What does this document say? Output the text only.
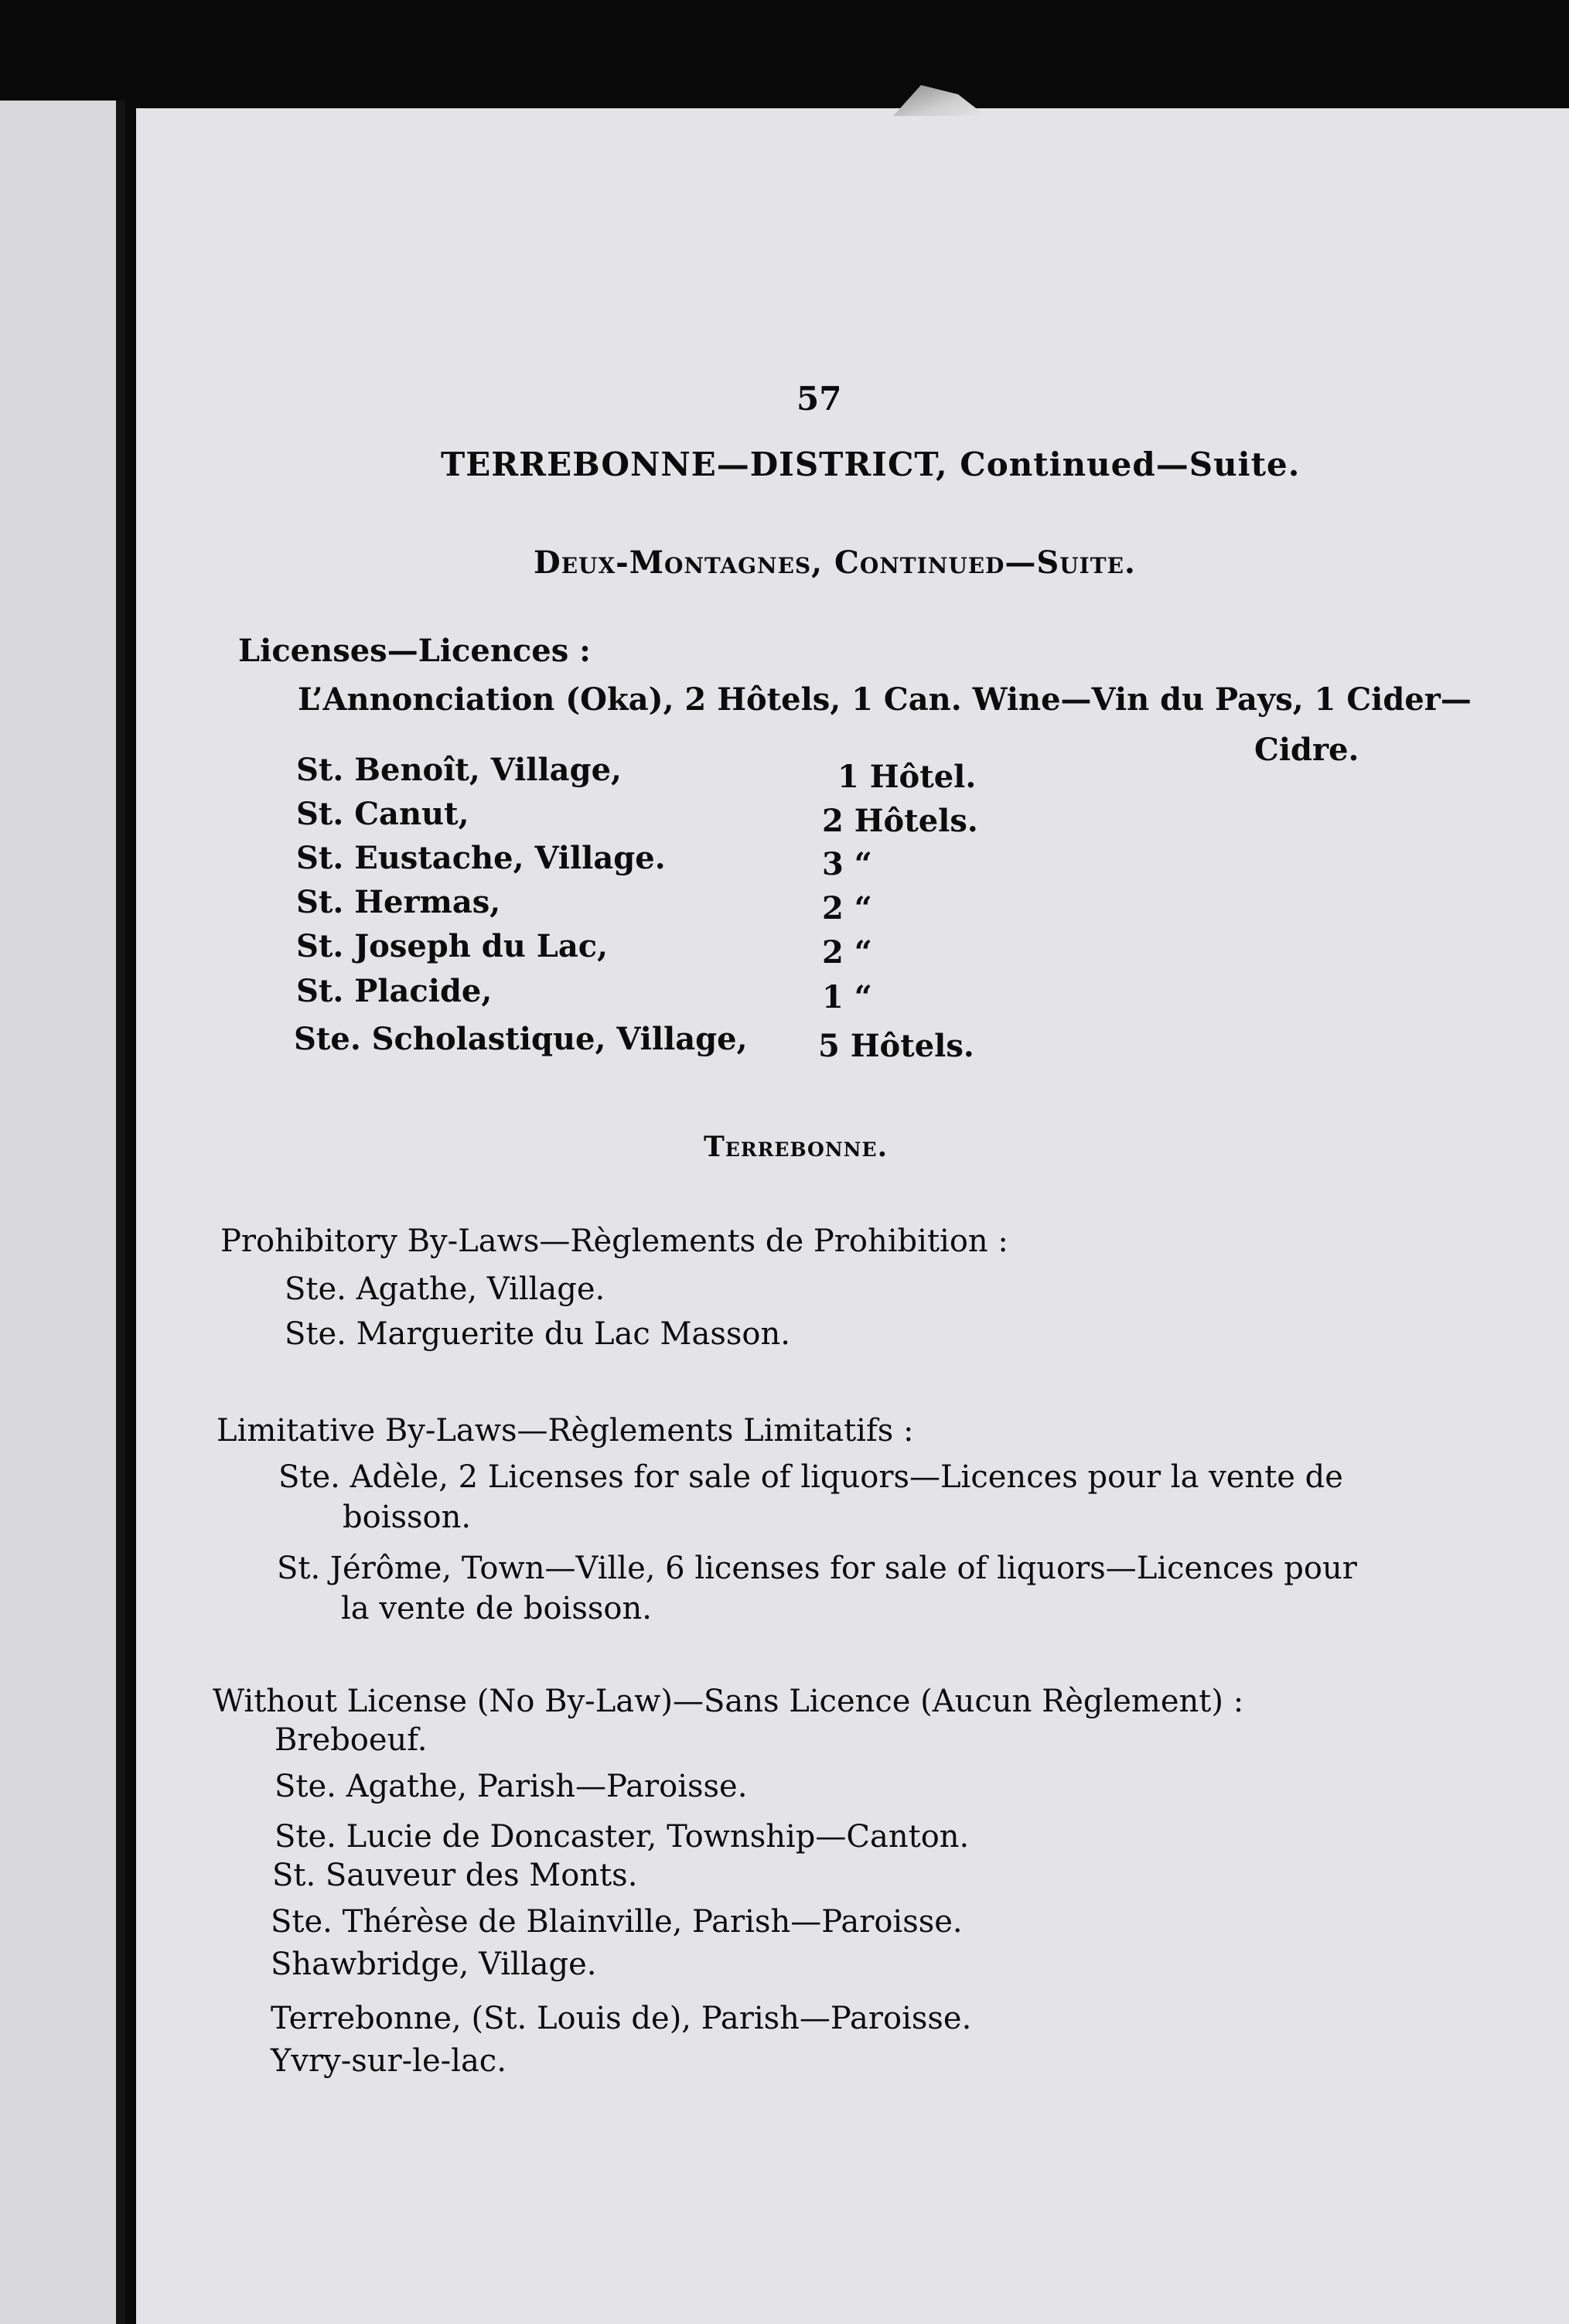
57
TERREBONNE—DISTRICT, Continued—Suite.
Deux-Montagnes, Continued—Suite.
Licenses—Licences :
L’Annonciation (Oka), 2 Hôtels, 1 Can. Wine—Vin du Pays, 1 Cider—
Cidre.
St. Benoît, Village,	1 Hôtel.
St. Canut,	2 Hôtels.
St. Eustache, Village.	3 “
St. Hermas,	2 “
St. Joseph du Lac,	2 “
St. Placide,	1 “
Ste. Scholastique, Village, 5 Hôtels.
Terrebonne.
Prohibitory By-Laws—Règlements de Prohibition :
Ste. Agathe, Village.
Ste. Marguerite du Lac Masson.
Limitative By-Laws—Règlements Limitatifs :
Ste. Adèle, 2 Licenses for sale of liquors—Licences pour la vente de
boisson.
St. Jérôme, Town—Ville, 6 licenses for sale of liquors—Licences pour
la vente de boisson.
Without License (No By-Law)—Sans Licence (Aucun Règlement) :
Breboeuf.
Ste. Agathe, Parish—Paroisse.
Ste. Lucie de Doncaster, Township—Canton.
St. Sauveur des Monts.
Ste. Thérèse de Blainville, Parish—Paroisse.
Shawbridge, Village.
Terrebonne, (St. Louis de), Parish—Paroisse.
Yvry-sur-le-lac.
